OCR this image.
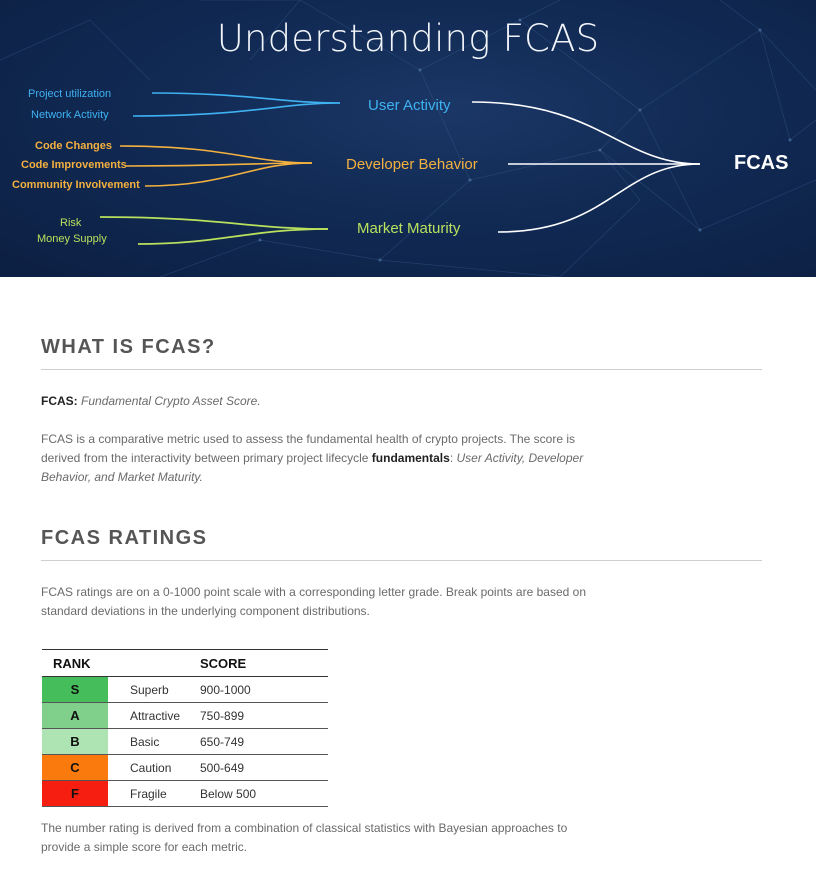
Understanding FCAS
Project utilization
Network Activity
Code Changes
Code Improvements
Community Involvement
Risk
Money Supply
User Activity
Developer Behavior
Market Maturity
FCAS
WHAT IS FCAS?
FCAS: Fundamental Crypto Asset Score.
FCAS is a comparative metric used to assess the fundamental health of crypto projects. The score is derived from the interactivity between primary project lifecycle fundamentals: User Activity, Developer Behavior, and Market Maturity.
FCAS RATINGS
FCAS ratings are on a 0-1000 point scale with a corresponding letter grade. Break points are based on standard deviations in the underlying component distributions.
RANK		SCORE
S	Superb	900-1000
A	Attractive	750-899
B	Basic	650-749
C	Caution	500-649
F	Fragile	Below 500
The number rating is derived from a combination of classical statistics with Bayesian approaches to provide a simple score for each metric.
